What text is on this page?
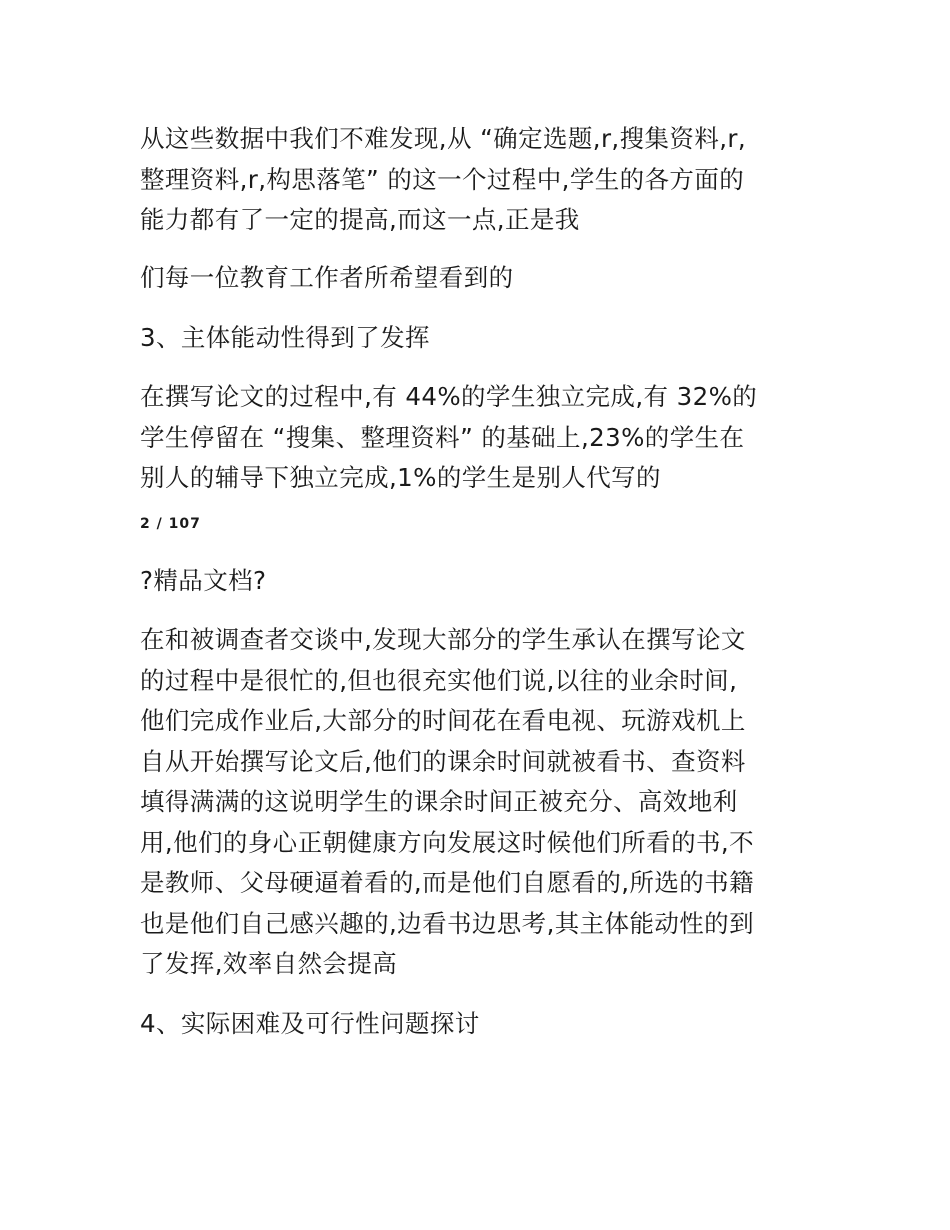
从这些数据中我们不难发现,从 “确定选题,r,搜集资料,r,
整理资料,r,构思落笔” 的这一个过程中,学生的各方面的
能力都有了一定的提高,而这一点,正是我

们每一位教育工作者所希望看到的

3、主体能动性得到了发挥

在撰写论文的过程中,有 44%的学生独立完成,有 32%的
学生停留在 “搜集、整理资料” 的基础上,23%的学生在
别人的辅导下独立完成,1%的学生是别人代写的

2 / 107

?精品文档?

在和被调查者交谈中,发现大部分的学生承认在撰写论文
的过程中是很忙的,但也很充实他们说,以往的业余时间,
他们完成作业后,大部分的时间花在看电视、玩游戏机上
自从开始撰写论文后,他们的课余时间就被看书、查资料
填得满满的这说明学生的课余时间正被充分、高效地利
用,他们的身心正朝健康方向发展这时候他们所看的书,不
是教师、父母硬逼着看的,而是他们自愿看的,所选的书籍
也是他们自己感兴趣的,边看书边思考,其主体能动性的到
了发挥,效率自然会提高

4、实际困难及可行性问题探讨
